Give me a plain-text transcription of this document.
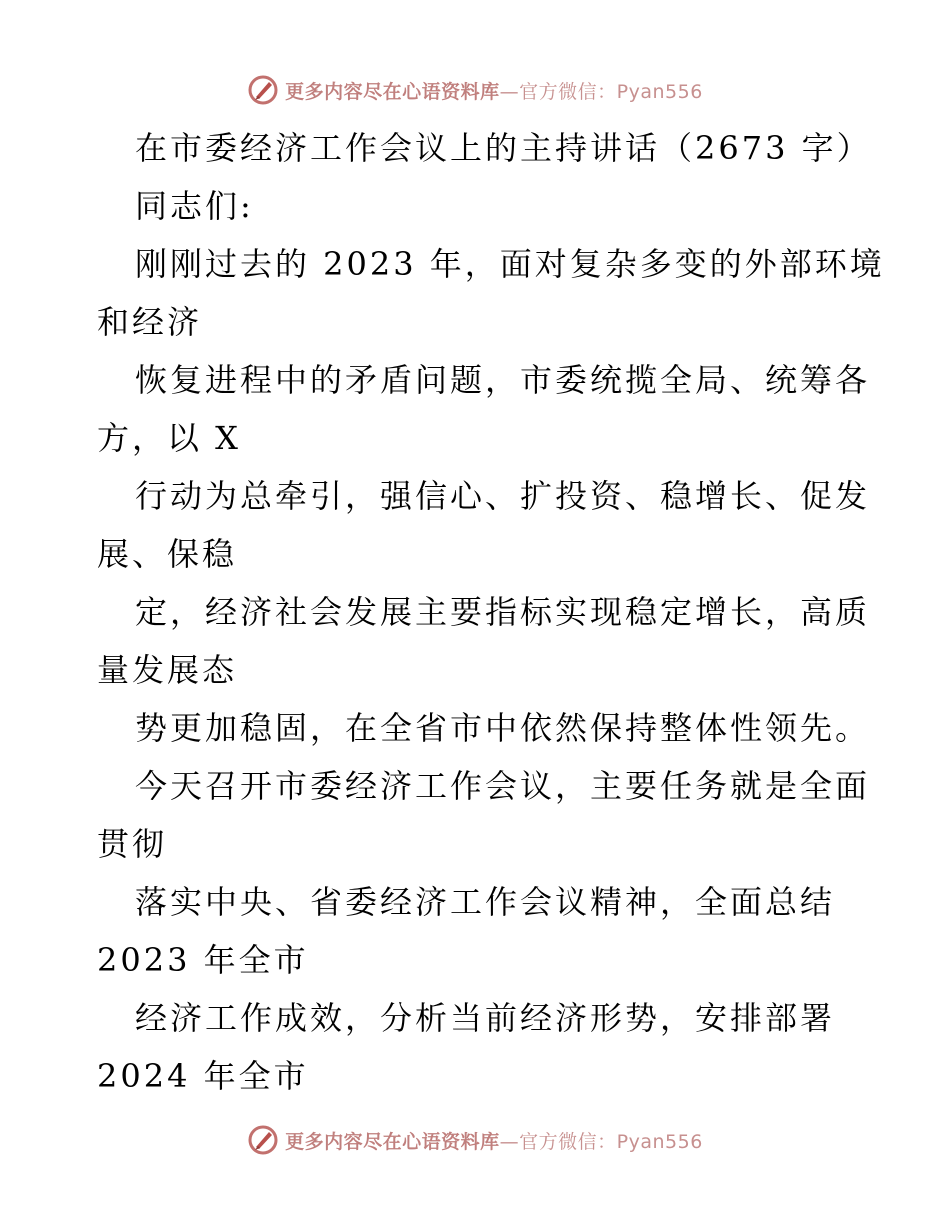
更多内容尽在心语资料库—官方微信：Pyan556
在市委经济工作会议上的主持讲话（2673 字）
同志们:
刚刚过去的 2023 年，面对复杂多变的外部环境
和经济
恢复进程中的矛盾问题，市委统揽全局、统筹各
方，以 X
行动为总牵引，强信心、扩投资、稳增长、促发
展、保稳
定，经济社会发展主要指标实现稳定增长，高质
量发展态
势更加稳固，在全省市中依然保持整体性领先。
今天召开市委经济工作会议，主要任务就是全面
贯彻
落实中央、省委经济工作会议精神，全面总结
2023 年全市
经济工作成效，分析当前经济形势，安排部署
2024 年全市
更多内容尽在心语资料库—官方微信：Pyan556
